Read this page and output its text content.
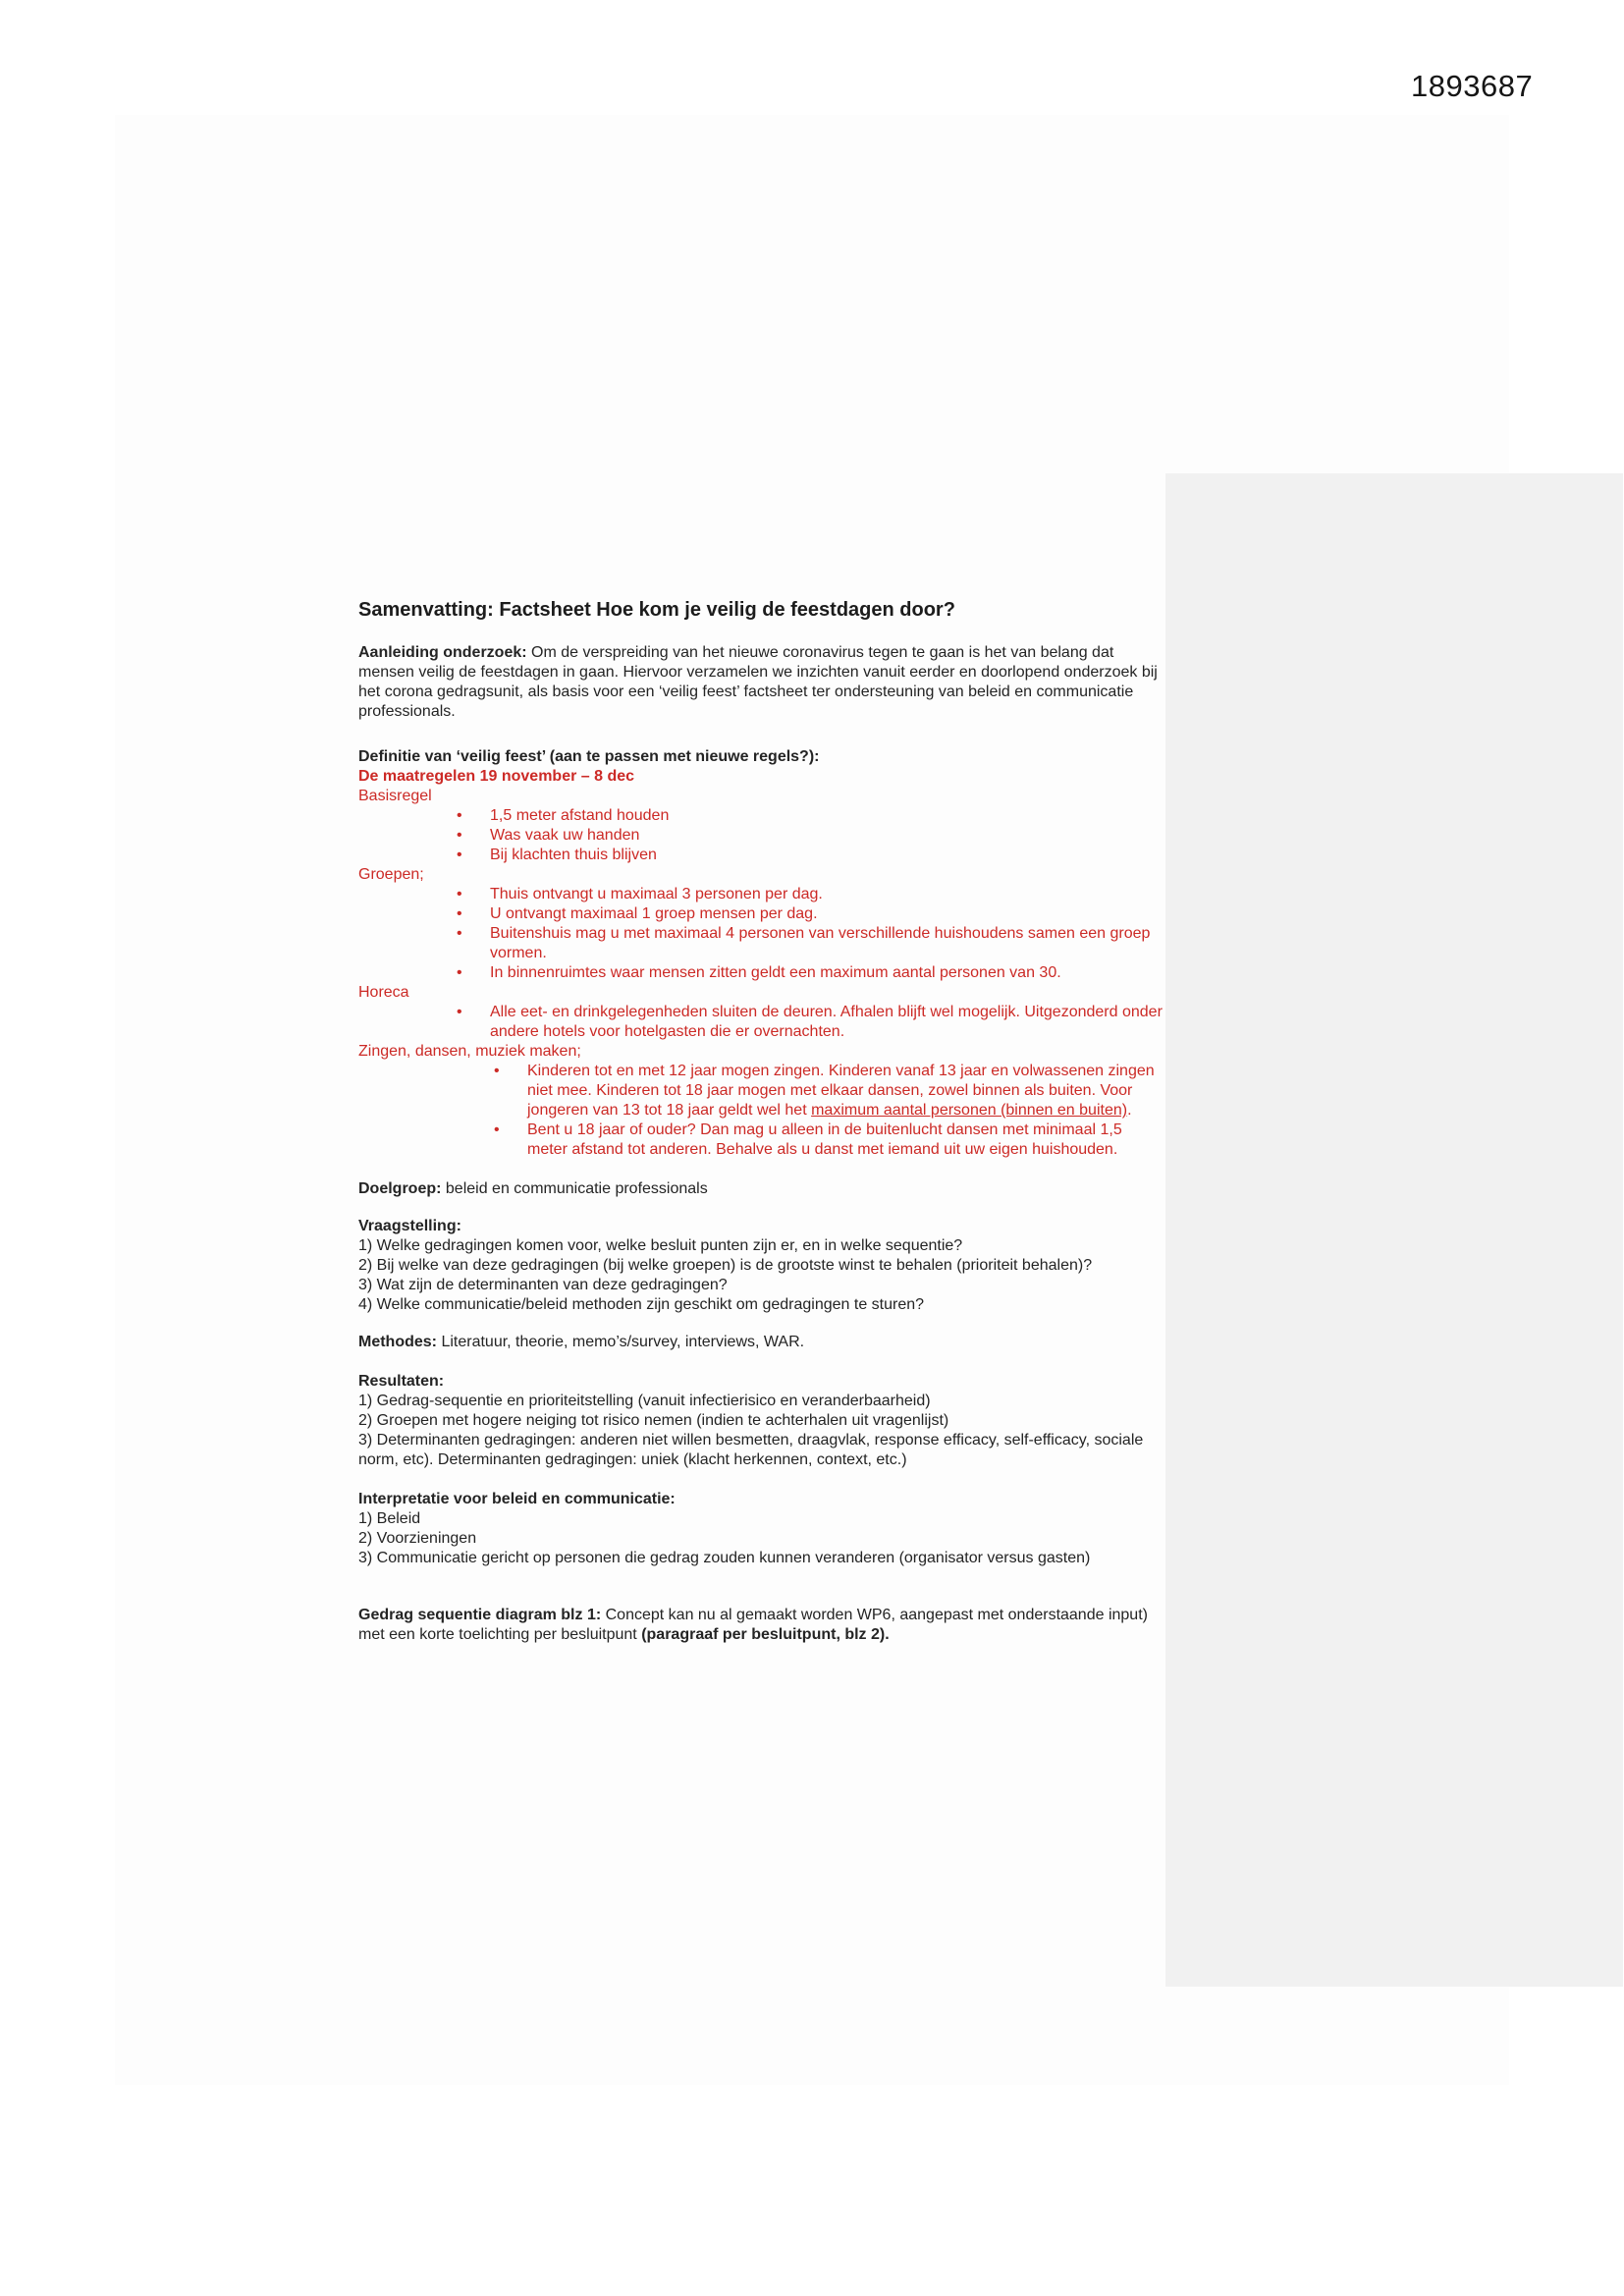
1893687
Samenvatting: Factsheet Hoe kom je veilig de feestdagen door?

Aanleiding onderzoek: Om de verspreiding van het nieuwe coronavirus tegen te gaan is het van belang dat mensen veilig de feestdagen in gaan. Hiervoor verzamelen we inzichten vanuit eerder en doorlopend onderzoek bij het corona gedragsunit, als basis voor een ‘veilig feest’ factsheet ter ondersteuning van beleid en communicatie professionals.

Definitie van ‘veilig feest’ (aan te passen met nieuwe regels?):
De maatregelen 19 november – 8 dec
Basisregel
• 1,5 meter afstand houden
• Was vaak uw handen
• Bij klachten thuis blijven
Groepen;
• Thuis ontvangt u maximaal 3 personen per dag.
• U ontvangt maximaal 1 groep mensen per dag.
• Buitenshuis mag u met maximaal 4 personen van verschillende huishoudens samen een groep vormen.
• In binnenruimtes waar mensen zitten geldt een maximum aantal personen van 30.
Horeca
• Alle eet- en drinkgelegenheden sluiten de deuren. Afhalen blijft wel mogelijk. Uitgezonderd onder andere hotels voor hotelgasten die er overnachten.
Zingen, dansen, muziek maken;
• Kinderen tot en met 12 jaar mogen zingen. Kinderen vanaf 13 jaar en volwassenen zingen niet mee. Kinderen tot 18 jaar mogen met elkaar dansen, zowel binnen als buiten. Voor jongeren van 13 tot 18 jaar geldt wel het maximum aantal personen (binnen en buiten).
• Bent u 18 jaar of ouder? Dan mag u alleen in de buitenlucht dansen met minimaal 1,5 meter afstand tot anderen. Behalve als u danst met iemand uit uw eigen huishouden.

Doelgroep: beleid en communicatie professionals

Vraagstelling:
1) Welke gedragingen komen voor, welke besluit punten zijn er, en in welke sequentie?
2) Bij welke van deze gedragingen (bij welke groepen) is de grootste winst te behalen (prioriteit behalen)?
3) Wat zijn de determinanten van deze gedragingen?
4) Welke communicatie/beleid methoden zijn geschikt om gedragingen te sturen?

Methodes: Literatuur, theorie, memo’s/survey, interviews, WAR.

Resultaten:
1) Gedrag-sequentie en prioriteitstelling (vanuit infectierisico en veranderbaarheid)
2) Groepen met hogere neiging tot risico nemen (indien te achterhalen uit vragenlijst)
3) Determinanten gedragingen: anderen niet willen besmetten, draagvlak, response efficacy, self-efficacy, sociale norm, etc). Determinanten gedragingen: uniek (klacht herkennen, context, etc.)
Interpretatie voor beleid en communicatie:
1) Beleid
2) Voorzieningen
3) Communicatie gericht op personen die gedrag zouden kunnen veranderen (organisator versus gasten)

Gedrag sequentie diagram blz 1: Concept kan nu al gemaakt worden WP6, aangepast met onderstaande input) met een korte toelichting per besluitpunt (paragraaf per besluitpunt, blz 2).
